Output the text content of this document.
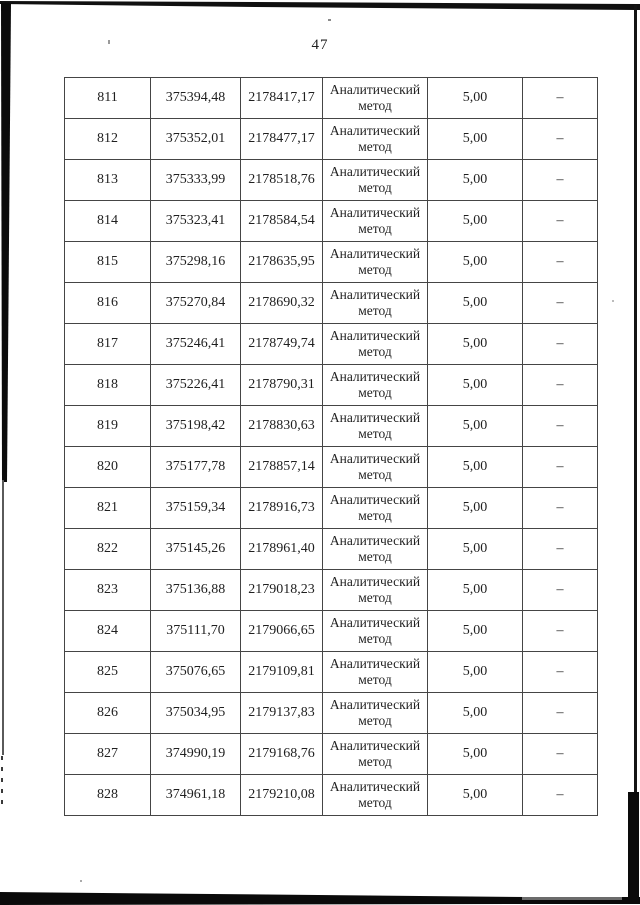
47
811	375394,48	2178417,17	Аналитический метод	5,00	–
812	375352,01	2178477,17	Аналитический метод	5,00	–
813	375333,99	2178518,76	Аналитический метод	5,00	–
814	375323,41	2178584,54	Аналитический метод	5,00	–
815	375298,16	2178635,95	Аналитический метод	5,00	–
816	375270,84	2178690,32	Аналитический метод	5,00	–
817	375246,41	2178749,74	Аналитический метод	5,00	–
818	375226,41	2178790,31	Аналитический метод	5,00	–
819	375198,42	2178830,63	Аналитический метод	5,00	–
820	375177,78	2178857,14	Аналитический метод	5,00	–
821	375159,34	2178916,73	Аналитический метод	5,00	–
822	375145,26	2178961,40	Аналитический метод	5,00	–
823	375136,88	2179018,23	Аналитический метод	5,00	–
824	375111,70	2179066,65	Аналитический метод	5,00	–
825	375076,65	2179109,81	Аналитический метод	5,00	–
826	375034,95	2179137,83	Аналитический метод	5,00	–
827	374990,19	2179168,76	Аналитический метод	5,00	–
828	374961,18	2179210,08	Аналитический метод	5,00	–
